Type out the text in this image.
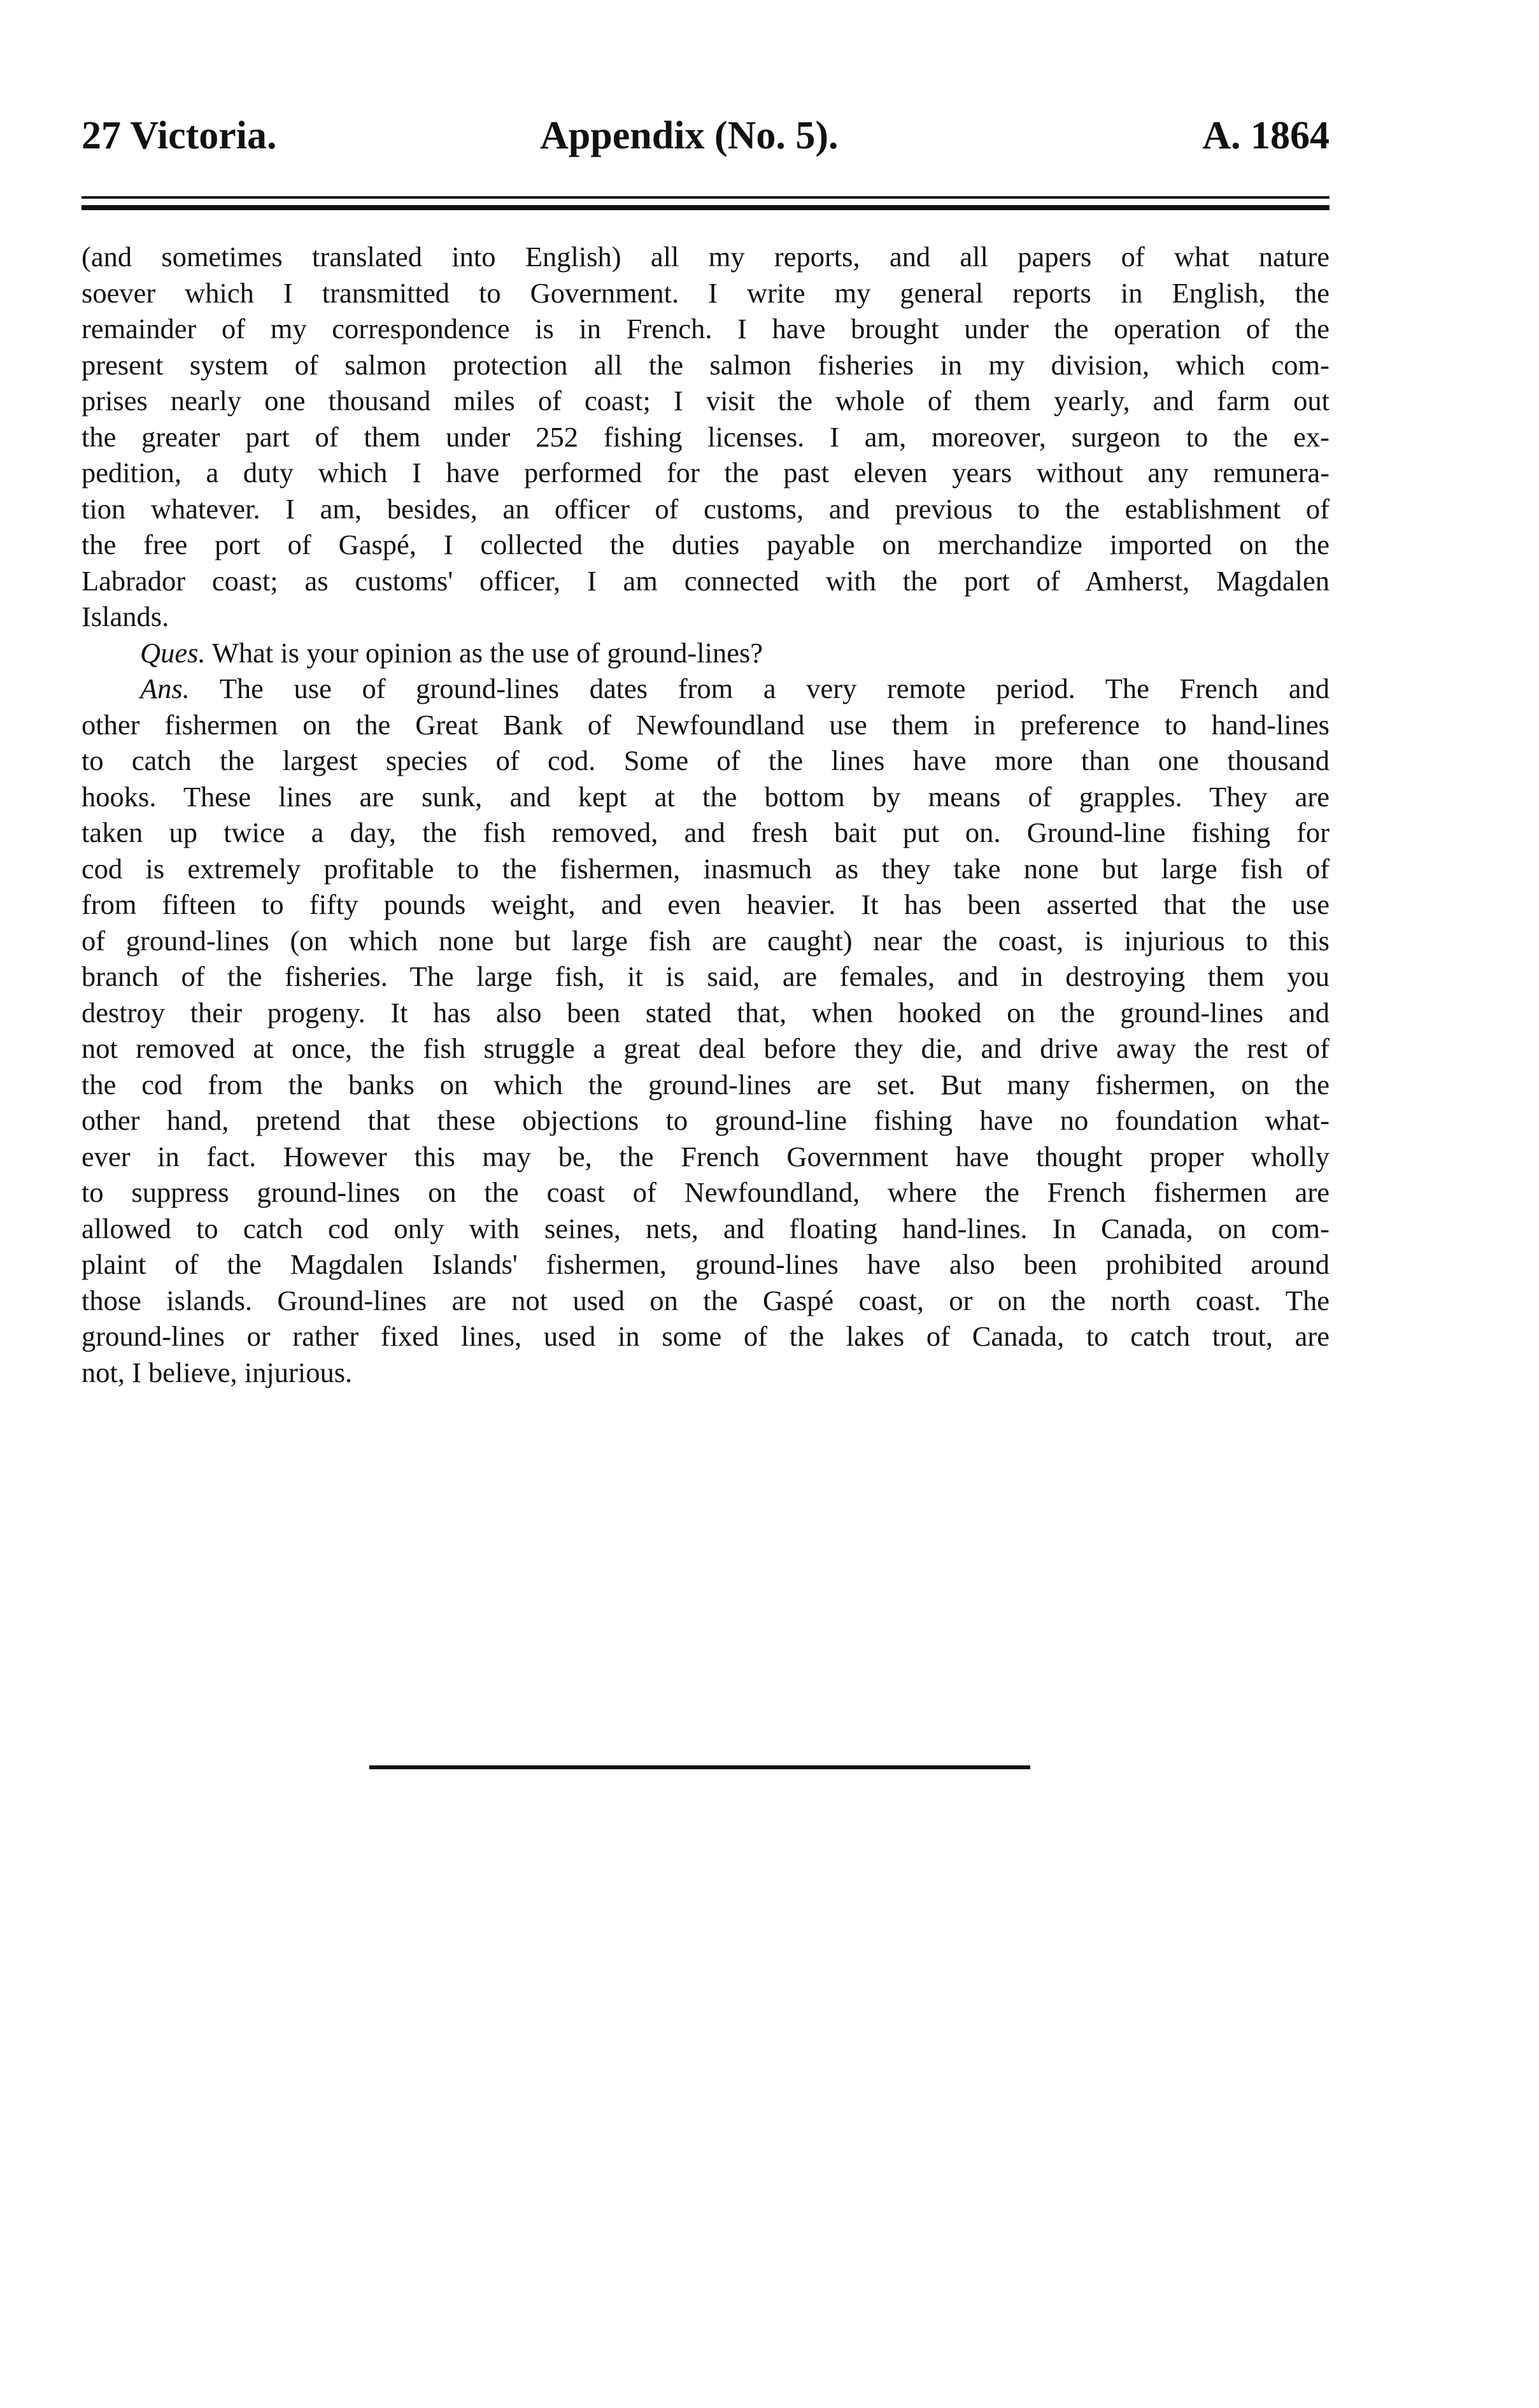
27 Victoria.	Appendix (No. 5).	A. 1864
(and sometimes translated into English) all my reports, and all papers of what nature
soever which I transmitted to Government. I write my general reports in English, the
remainder of my correspondence is in French. I have brought under the operation of the
present system of salmon protection all the salmon fisheries in my division, which com-
prises nearly one thousand miles of coast; I visit the whole of them yearly, and farm out
the greater part of them under 252 fishing licenses. I am, moreover, surgeon to the ex-
pedition, a duty which I have performed for the past eleven years without any remunera-
tion whatever. I am, besides, an officer of customs, and previous to the establishment of
the free port of Gaspé, I collected the duties payable on merchandize imported on the
Labrador coast; as customs' officer, I am connected with the port of Amherst, Magdalen
Islands.
Ques. What is your opinion as the use of ground-lines?
Ans. The use of ground-lines dates from a very remote period. The French and
other fishermen on the Great Bank of Newfoundland use them in preference to hand-lines
to catch the largest species of cod. Some of the lines have more than one thousand
hooks. These lines are sunk, and kept at the bottom by means of grapples. They are
taken up twice a day, the fish removed, and fresh bait put on. Ground-line fishing for
cod is extremely profitable to the fishermen, inasmuch as they take none but large fish of
from fifteen to fifty pounds weight, and even heavier. It has been asserted that the use
of ground-lines (on which none but large fish are caught) near the coast, is injurious to this
branch of the fisheries. The large fish, it is said, are females, and in destroying them you
destroy their progeny. It has also been stated that, when hooked on the ground-lines and
not removed at once, the fish struggle a great deal before they die, and drive away the rest of
the cod from the banks on which the ground-lines are set. But many fishermen, on the
other hand, pretend that these objections to ground-line fishing have no foundation what-
ever in fact. However this may be, the French Government have thought proper wholly
to suppress ground-lines on the coast of Newfoundland, where the French fishermen are
allowed to catch cod only with seines, nets, and floating hand-lines. In Canada, on com-
plaint of the Magdalen Islands' fishermen, ground-lines have also been prohibited around
those islands. Ground-lines are not used on the Gaspé coast, or on the north coast. The
ground-lines or rather fixed lines, used in some of the lakes of Canada, to catch trout, are
not, I believe, injurious.
